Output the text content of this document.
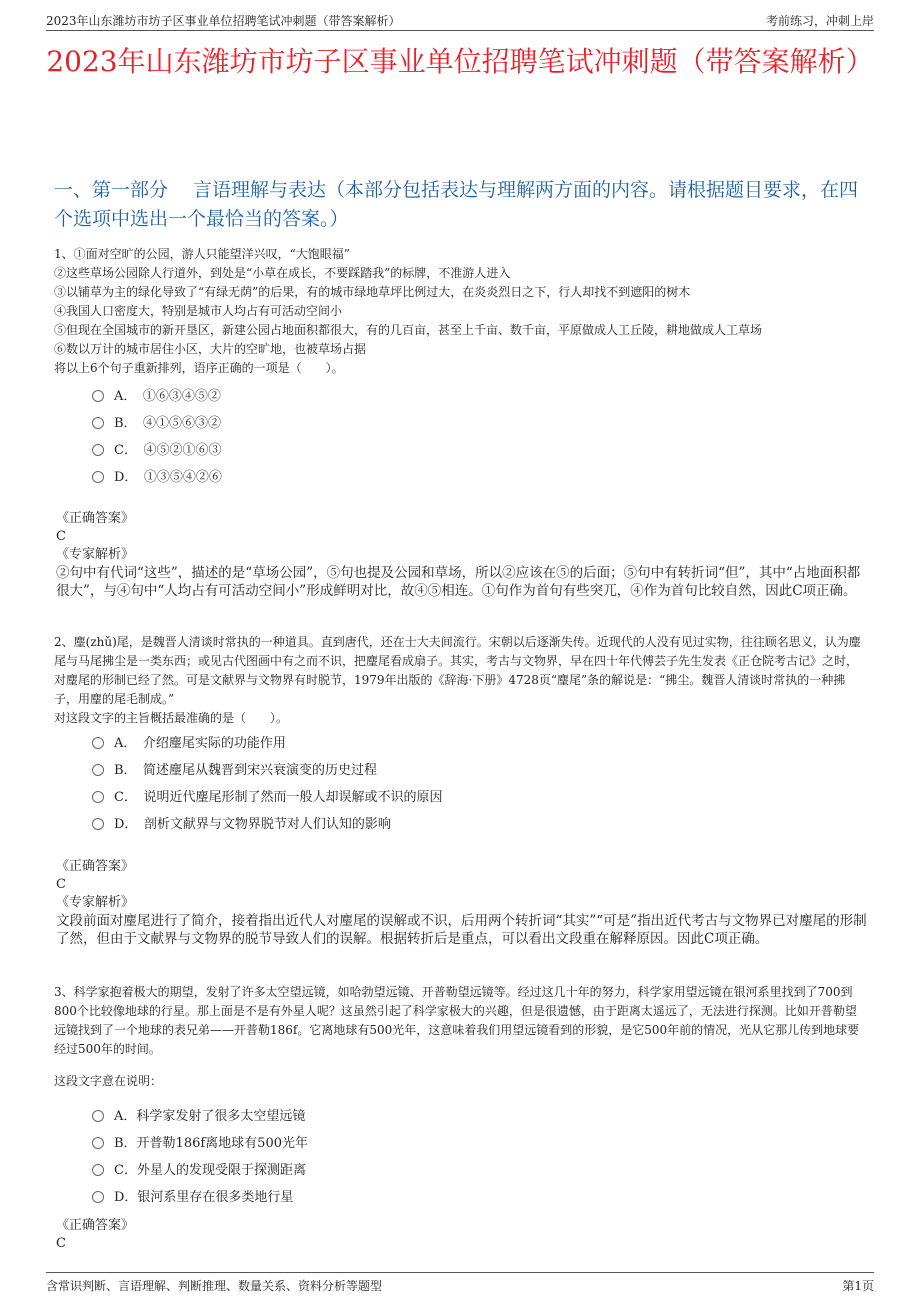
2023年山东潍坊市坊子区事业单位招聘笔试冲刺题（带答案解析）	考前练习，冲刺上岸
2023年山东潍坊市坊子区事业单位招聘笔试冲刺题（带答案解析）
一、第一部分　 言语理解与表达（本部分包括表达与理解两方面的内容。请根据题目要求，在四个选项中选出一个最恰当的答案。）

1、①面对空旷的公园，游人只能望洋兴叹，“大饱眼福”

②这些草场公园除人行道外，到处是“小草在成长，不要踩踏我”的标牌，不准游人进入

③以铺草为主的绿化导致了“有绿无荫”的后果，有的城市绿地草坪比例过大，在炎炎烈日之下，行人却找不到遮阳的树木

④我国人口密度大，特别是城市人均占有可活动空间小

⑤但现在全国城市的新开垦区，新建公园占地面积都很大，有的几百亩，甚至上千亩、数千亩，平原做成人工丘陵，耕地做成人工草场

⑥数以万计的城市居住小区，大片的空旷地，也被草场占据

将以上6个句子重新排列，语序正确的一项是（　　）。

A．　①⑥③④⑤②
B．　④①⑤⑥③②
C．　④⑤②①⑥③
D．　①③⑤④②⑥

《正确答案》

C

《专家解析》

②句中有代词“这些”，描述的是“草场公园”，⑤句也提及公园和草场，所以②应该在⑤的后面；⑤句中有转折词“但”，其中“占地面积都很大”，与④句中“人均占有可活动空间小”形成鲜明对比，故④⑤相连。①句作为首句有些突兀，④作为首句比较自然，因此C项正确。

2、麈(zhǔ)尾，是魏晋人清谈时常执的一种道具。直到唐代，还在士大夫间流行。宋朝以后逐渐失传。近现代的人没有见过实物，往往顾名思义，认为麈尾与马尾拂尘是一类东西；或见古代图画中有之而不识，把麈尾看成扇子。其实，考古与文物界，早在四十年代傅芸子先生发表《正仓院考古记》之时，对麈尾的形制已经了然。可是文献界与文物界有时脱节，1979年出版的《辞海·下册》4728页“麈尾”条的解说是：“拂尘。魏晋人清谈时常执的一种拂子，用麈的尾毛制成。”

对这段文字的主旨概括最准确的是（　　）。

A．　介绍麈尾实际的功能作用
B．　简述麈尾从魏晋到宋兴衰演变的历史过程
C．　说明近代麈尾形制了然而一般人却误解或不识的原因
D．　剖析文献界与文物界脱节对人们认知的影响

《正确答案》

C

《专家解析》

文段前面对麈尾进行了简介，接着指出近代人对麈尾的误解或不识，后用两个转折词“其实”“可是”指出近代考古与文物界已对麈尾的形制了然，但由于文献界与文物界的脱节导致人们的误解。根据转折后是重点，可以看出文段重在解释原因。因此C项正确。

3、科学家抱着极大的期望，发射了许多太空望远镜，如哈勃望远镜、开普勒望远镜等。经过这几十年的努力，科学家用望远镜在银河系里找到了700到800个比较像地球的行星。那上面是不是有外星人呢？这虽然引起了科学家极大的兴趣，但是很遗憾，由于距离太遥远了，无法进行探测。比如开普勒望远镜找到了一个地球的表兄弟——开普勒186f。它离地球有500光年，这意味着我们用望远镜看到的形貌，是它500年前的情况，光从它那儿传到地球要经过500年的时间。

这段文字意在说明：

A．科学家发射了很多太空望远镜
B．开普勒186f离地球有500光年
C．外星人的发现受限于探测距离
D．银河系里存在很多类地行星

《正确答案》

C

含常识判断、言语理解、判断推理、数量关系、资料分析等题型	第1页
